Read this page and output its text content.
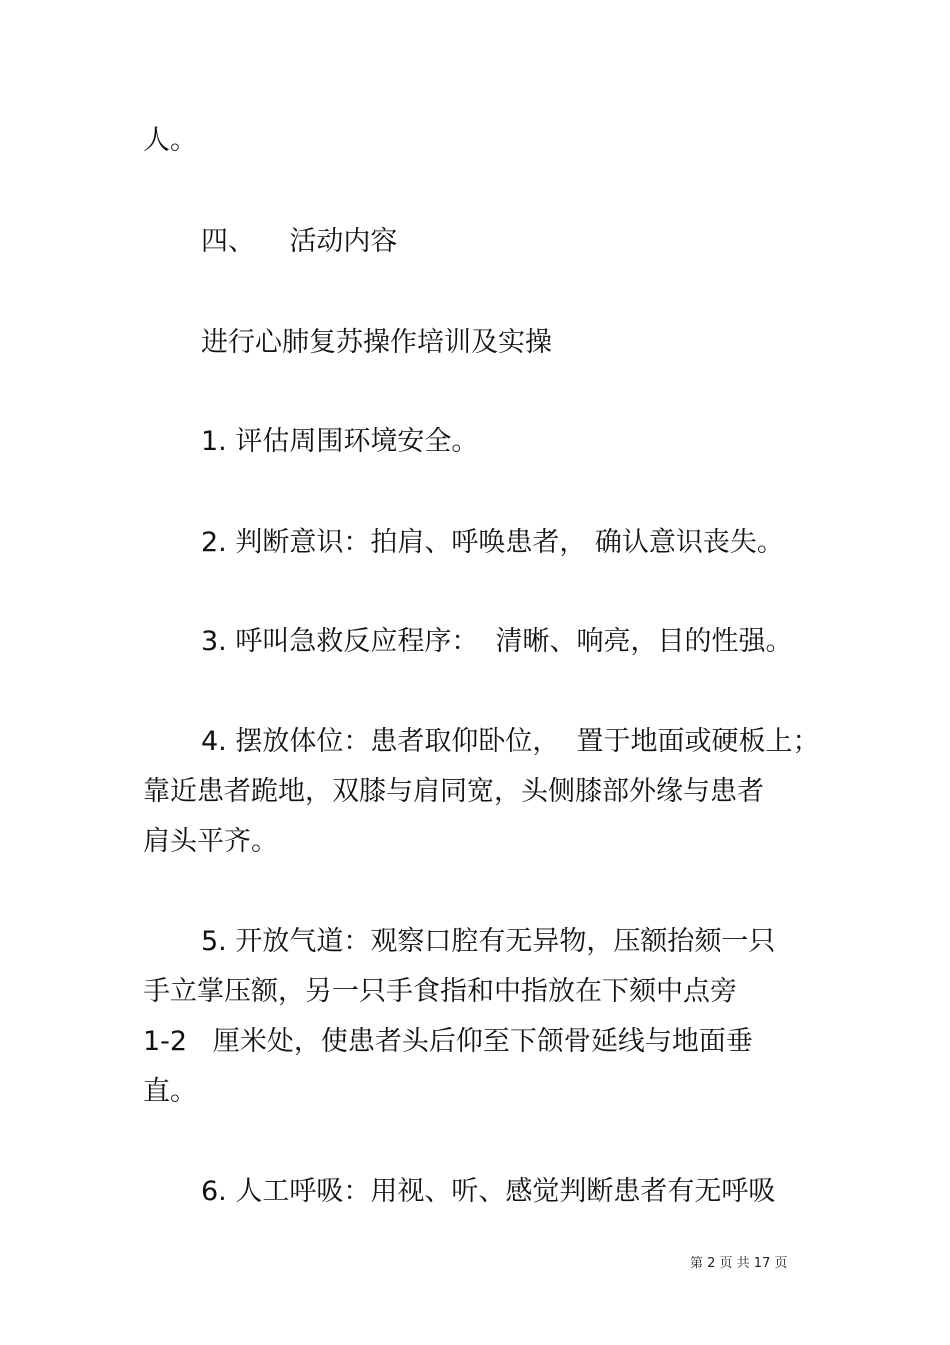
人。
四、    活动内容
进行心肺复苏操作培训及实操
1. 评估周围环境安全。
2. 判断意识：拍肩、呼唤患者， 确认意识丧失。
3. 呼叫急救反应程序：  清晰、响亮，目的性强。
4. 摆放体位：患者取仰卧位，  置于地面或硬板上；
靠近患者跪地，双膝与肩同宽，头侧膝部外缘与患者
肩头平齐。
5. 开放气道：观察口腔有无异物，压额抬颏一只
手立掌压额，另一只手食指和中指放在下颏中点旁
1-2   厘米处，使患者头后仰至下颌骨延线与地面垂
直。
6. 人工呼吸：用视、听、感觉判断患者有无呼吸
第 2 页 共 17 页
